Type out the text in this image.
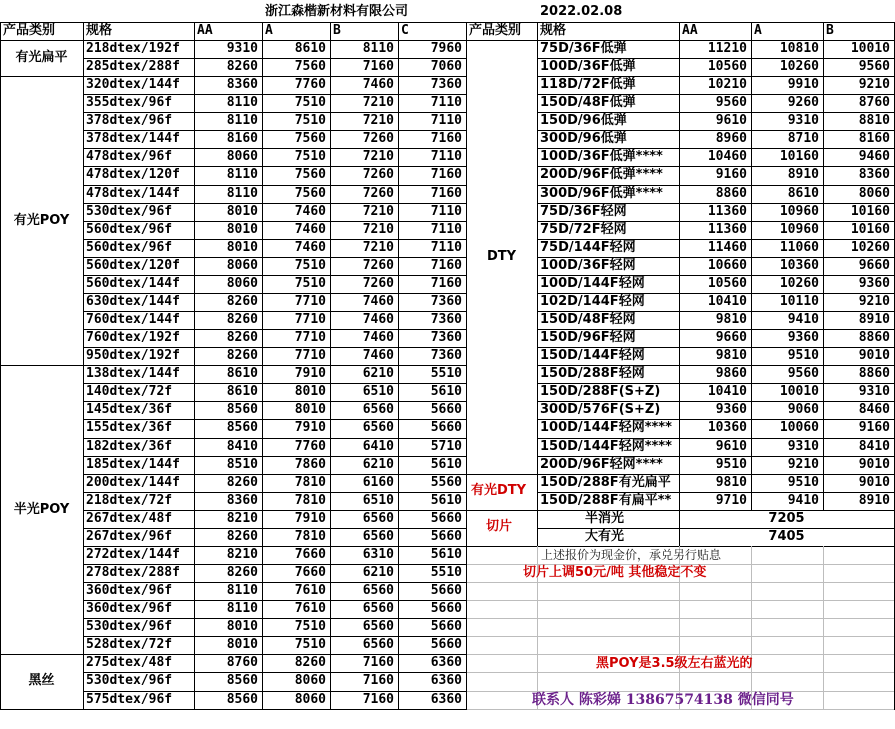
浙江森楷新材料有限公司	2022.02.08
产品类别	规格	AA	A	B	C
有光扁平
218dtex/192f	9310	8610	8110	7960
285dtex/288f	8260	7560	7160	7060
有光POY
320dtex/144f	8360	7760	7460	7360
355dtex/96f	8110	7510	7210	7110
378dtex/96f	8110	7510	7210	7110
378dtex/144f	8160	7560	7260	7160
478dtex/96f	8060	7510	7210	7110
478dtex/120f	8110	7560	7260	7160
478dtex/144f	8110	7560	7260	7160
530dtex/96f	8010	7460	7210	7110
560dtex/96f	8010	7460	7210	7110
560dtex/96f	8010	7460	7210	7110
560dtex/120f	8060	7510	7260	7160
560dtex/144f	8060	7510	7260	7160
630dtex/144f	8260	7710	7460	7360
760dtex/144f	8260	7710	7460	7360
760dtex/192f	8260	7710	7460	7360
950dtex/192f	8260	7710	7460	7360
半光POY
138dtex/144f	8610	7910	6210	5510
140dtex/72f	8610	8010	6510	5610
145dtex/36f	8560	8010	6560	5660
155dtex/36f	8560	7910	6560	5660
182dtex/36f	8410	7760	6410	5710
185dtex/144f	8510	7860	6210	5610
200dtex/144f	8260	7810	6160	5560
218dtex/72f	8360	7810	6510	5610
267dtex/48f	8210	7910	6560	5660
267dtex/96f	8260	7810	6560	5660
272dtex/144f	8210	7660	6310	5610
278dtex/288f	8260	7660	6210	5510
360dtex/96f	8110	7610	6560	5660
360dtex/96f	8110	7610	6560	5660
530dtex/96f	8010	7510	6560	5660
528dtex/72f	8010	7510	6560	5660
黑丝
275dtex/48f	8760	8260	7160	6360
530dtex/96f	8560	8060	7160	6360
575dtex/96f	8560	8060	7160	6360
产品类别	规格	AA	A	B
75D/36F低弹	11210	10810	10010
100D/36F低弹	10560	10260	9560
118D/72F低弹	10210	9910	9210
150D/48F低弹	9560	9260	8760
150D/96低弹	9610	9310	8810
300D/96低弹	8960	8710	8160
100D/36F低弹****	10460	10160	9460
200D/96F低弹****	9160	8910	8360
300D/96F低弹****	8860	8610	8060
75D/36F轻网	11360	10960	10160
75D/72F轻网	11360	10960	10160
75D/144F轻网	11460	11060	10260
100D/36F轻网	10660	10360	9660
100D/144F轻网	10560	10260	9360
102D/144F轻网	10410	10110	9210
150D/48F轻网	9810	9410	8910
150D/96F轻网	9660	9360	8860
150D/144F轻网	9810	9510	9010
150D/288F轻网	9860	9560	8860
150D/288F(S+Z)	10410	10010	9310
300D/576F(S+Z)	9360	9060	8460
100D/144F轻网****	10360	10060	9160
150D/144F轻网****	9610	9310	8410
200D/96F轻网****	9510	9210	9010
150D/288F有光扁平	9810	9510	9010
150D/288F有扁平**	9710	9410	8910
DTY
有光DTY
切片
半消光	7205
大有光	7405
上述报价为现金价，承兑另行贴息
切片上调50元/吨 其他稳定不变
黑POY是3.5级左右蓝光的
联系人 陈彩娣 13867574138 微信同号
